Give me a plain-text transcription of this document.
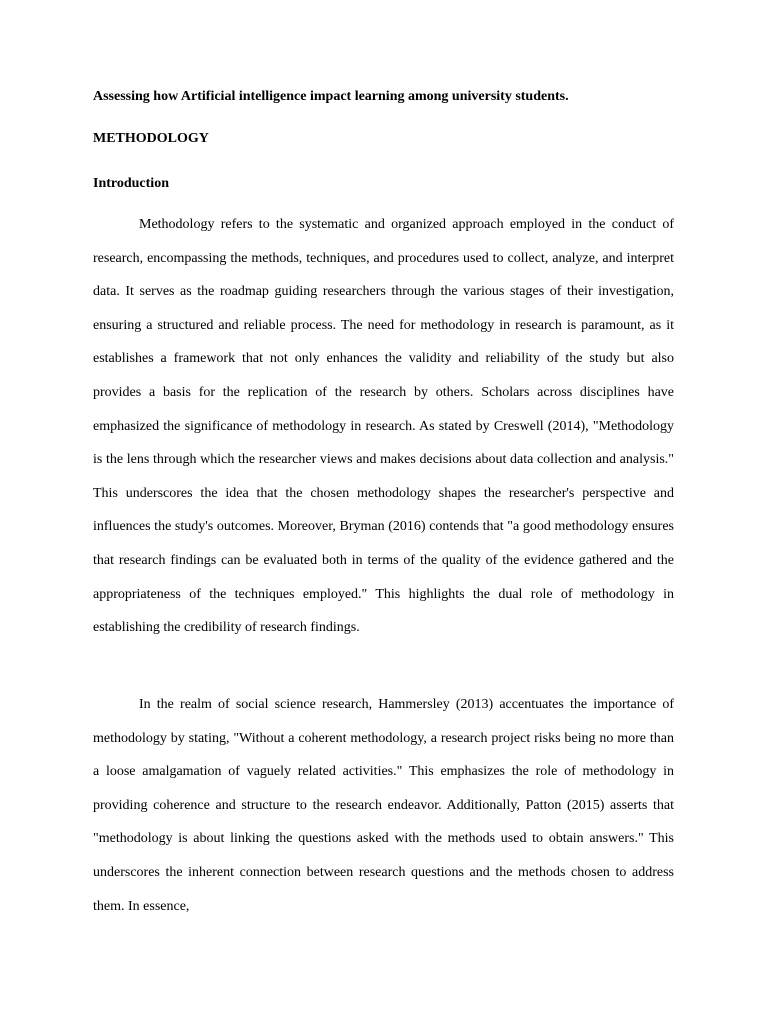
Assessing how Artificial intelligence impact learning among university students.
METHODOLOGY
Introduction

Methodology refers to the systematic and organized approach employed in the conduct of research, encompassing the methods, techniques, and procedures used to collect, analyze, and interpret data. It serves as the roadmap guiding researchers through the various stages of their investigation, ensuring a structured and reliable process. The need for methodology in research is paramount, as it establishes a framework that not only enhances the validity and reliability of the study but also provides a basis for the replication of the research by others. Scholars across disciplines have emphasized the significance of methodology in research. As stated by Creswell (2014), "Methodology is the lens through which the researcher views and makes decisions about data collection and analysis." This underscores the idea that the chosen methodology shapes the researcher's perspective and influences the study's outcomes. Moreover, Bryman (2016) contends that "a good methodology ensures that research findings can be evaluated both in terms of the quality of the evidence gathered and the appropriateness of the techniques employed." This highlights the dual role of methodology in establishing the credibility of research findings.

In the realm of social science research, Hammersley (2013) accentuates the importance of methodology by stating, "Without a coherent methodology, a research project risks being no more than a loose amalgamation of vaguely related activities." This emphasizes the role of methodology in providing coherence and structure to the research endeavor. Additionally, Patton (2015) asserts that "methodology is about linking the questions asked with the methods used to obtain answers." This underscores the inherent connection between research questions and the methods chosen to address them. In essence,
